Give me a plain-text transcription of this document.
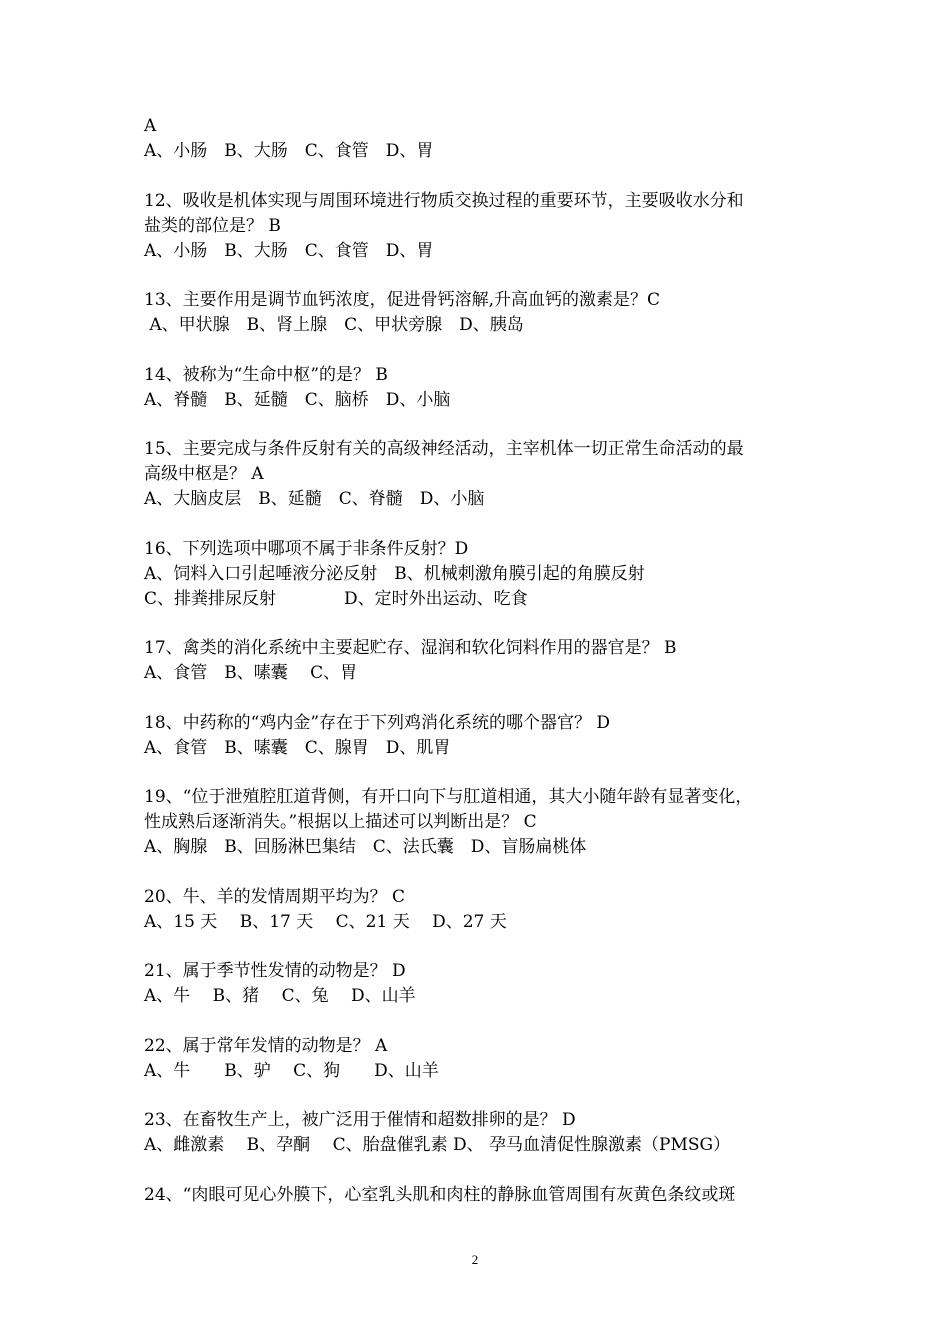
A
A、小肠　B、大肠　C、食管　D、胃
12、吸收是机体实现与周围环境进行物质交换过程的重要环节，主要吸收水分和
盐类的部位是？ B
A、小肠　B、大肠　C、食管　D、胃
13、主要作用是调节血钙浓度，促进骨钙溶解,升高血钙的激素是？C
A、甲状腺　B、肾上腺　C、甲状旁腺　D、胰岛
14、被称为“生命中枢”的是？ B
A、脊髓　B、延髓　C、脑桥　D、小脑
15、主要完成与条件反射有关的高级神经活动，主宰机体一切正常生命活动的最
高级中枢是？ A
A、大脑皮层　B、延髓　C、脊髓　D、小脑
16、下列选项中哪项不属于非条件反射？D
A、饲料入口引起唾液分泌反射　B、机械刺激角膜引起的角膜反射
C、排粪排尿反射　　　　D、定时外出运动、吃食
17、禽类的消化系统中主要起贮存、湿润和软化饲料作用的器官是？ B
A、食管　B、嗉囊　 C、胃
18、中药称的“鸡内金”存在于下列鸡消化系统的哪个器官？ D
A、食管　B、嗉囊　C、腺胃　D、肌胃
19、“位于泄殖腔肛道背侧，有开口向下与肛道相通，其大小随年龄有显著变化，
性成熟后逐渐消失。”根据以上描述可以判断出是？ C
A、胸腺　B、回肠淋巴集结　C、法氏囊　D、盲肠扁桃体
20、牛、羊的发情周期平均为？ C
A、15 天　 B、17 天　 C、21 天　 D、27 天
21、属于季节性发情的动物是？ D
A、牛　 B、猪　 C、兔　 D、山羊
22、属于常年发情的动物是？ A
A、牛　　B、驴　 C、狗　　D、山羊
23、在畜牧生产上，被广泛用于催情和超数排卵的是？ D
A、雌激素　 B、孕酮　 C、胎盘催乳素 D、 孕马血清促性腺激素（PMSG）
24、“肉眼可见心外膜下，心室乳头肌和肉柱的静脉血管周围有灰黄色条纹或斑
2
